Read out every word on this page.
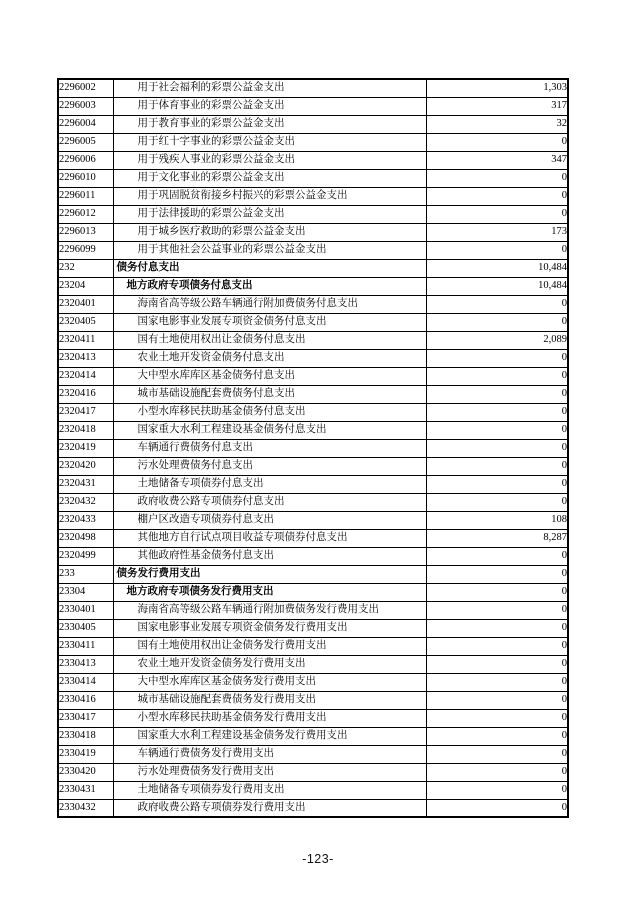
2296002	用于社会福利的彩票公益金支出	1,303
2296003	用于体育事业的彩票公益金支出	317
2296004	用于教育事业的彩票公益金支出	32
2296005	用于红十字事业的彩票公益金支出	0
2296006	用于残疾人事业的彩票公益金支出	347
2296010	用于文化事业的彩票公益金支出	0
2296011	用于巩固脱贫衔接乡村振兴的彩票公益金支出	0
2296012	用于法律援助的彩票公益金支出	0
2296013	用于城乡医疗救助的彩票公益金支出	173
2296099	用于其他社会公益事业的彩票公益金支出	0
232	债务付息支出	10,484
23204	地方政府专项债务付息支出	10,484
2320401	海南省高等级公路车辆通行附加费债务付息支出	0
2320405	国家电影事业发展专项资金债务付息支出	0
2320411	国有土地使用权出让金债务付息支出	2,089
2320413	农业土地开发资金债务付息支出	0
2320414	大中型水库库区基金债务付息支出	0
2320416	城市基础设施配套费债务付息支出	0
2320417	小型水库移民扶助基金债务付息支出	0
2320418	国家重大水利工程建设基金债务付息支出	0
2320419	车辆通行费债务付息支出	0
2320420	污水处理费债务付息支出	0
2320431	土地储备专项债券付息支出	0
2320432	政府收费公路专项债券付息支出	0
2320433	棚户区改造专项债券付息支出	108
2320498	其他地方自行试点项目收益专项债券付息支出	8,287
2320499	其他政府性基金债务付息支出	0
233	债务发行费用支出	0
23304	地方政府专项债务发行费用支出	0
2330401	海南省高等级公路车辆通行附加费债务发行费用支出	0
2330405	国家电影事业发展专项资金债务发行费用支出	0
2330411	国有土地使用权出让金债务发行费用支出	0
2330413	农业土地开发资金债务发行费用支出	0
2330414	大中型水库库区基金债务发行费用支出	0
2330416	城市基础设施配套费债务发行费用支出	0
2330417	小型水库移民扶助基金债务发行费用支出	0
2330418	国家重大水利工程建设基金债务发行费用支出	0
2330419	车辆通行费债务发行费用支出	0
2330420	污水处理费债务发行费用支出	0
2330431	土地储备专项债券发行费用支出	0
2330432	政府收费公路专项债券发行费用支出	0
-123-
